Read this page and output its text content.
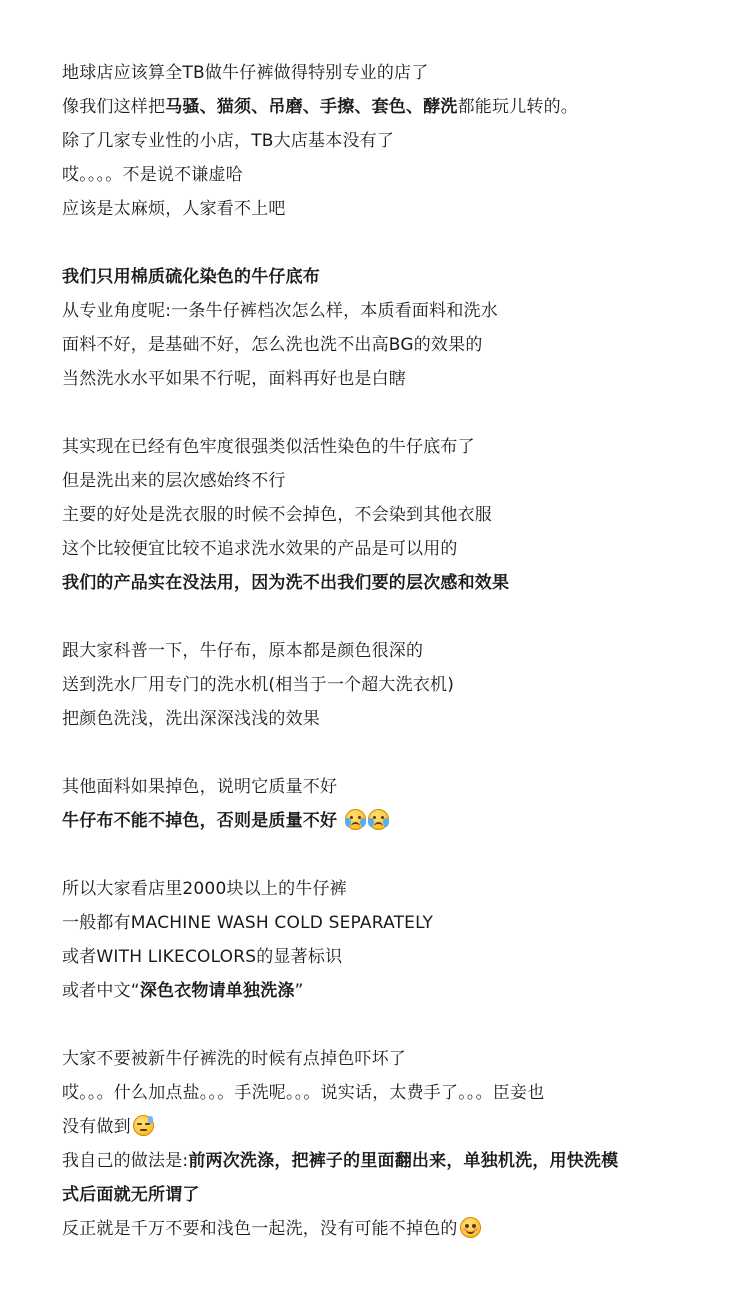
地球店应该算全TB做牛仔裤做得特别专业的店了
像我们这样把马骚、猫须、吊磨、手擦、套色、酵洗都能玩儿转的。
除了几家专业性的小店，TB大店基本没有了
哎。。。。不是说不谦虚哈
应该是太麻烦，人家看不上吧
我们只用棉质硫化染色的牛仔底布
从专业角度呢:一条牛仔裤档次怎么样，本质看面料和洗水
面料不好，是基础不好，怎么洗也洗不出高BG的效果的
当然洗水水平如果不行呢，面料再好也是白瞎
其实现在已经有色牢度很强类似活性染色的牛仔底布了
但是洗出来的层次感始终不行
主要的好处是洗衣服的时候不会掉色，不会染到其他衣服
这个比较便宜比较不追求洗水效果的产品是可以用的
我们的产品实在没法用，因为洗不出我们要的层次感和效果
跟大家科普一下，牛仔布，原本都是颜色很深的
送到洗水厂用专门的洗水机(相当于一个超大洗衣机)
把颜色洗浅，洗出深深浅浅的效果
其他面料如果掉色，说明它质量不好
牛仔布不能不掉色，否则是质量不好
所以大家看店里2000块以上的牛仔裤
一般都有MACHINE WASH COLD SEPARATELY
或者WITH LIKECOLORS的显著标识
或者中文“深色衣物请单独洗涤”
大家不要被新牛仔裤洗的时候有点掉色吓坏了
哎。。。什么加点盐。。。手洗呢。。。说实话，太费手了。。。臣妾也
没有做到
我自己的做法是:前两次洗涤，把裤子的里面翻出来，单独机洗，用快洗模
式后面就无所谓了
反正就是千万不要和浅色一起洗，没有可能不掉色的
